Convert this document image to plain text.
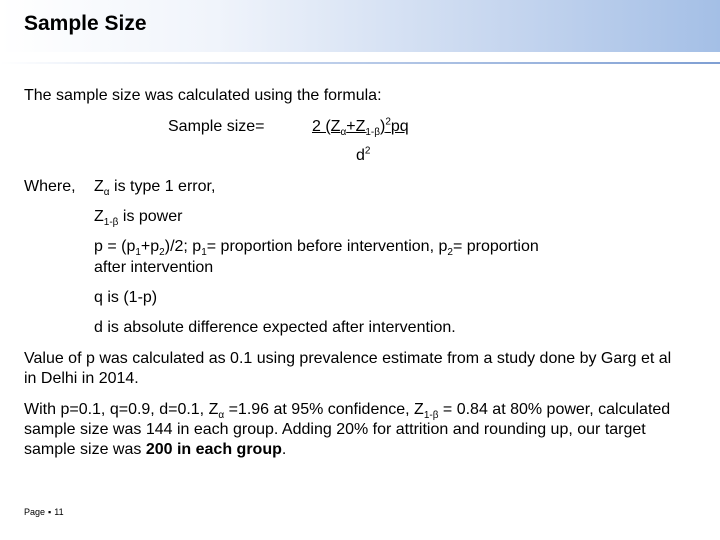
Sample Size
The sample size was calculated using the formula:
Sample size=	2 $(Z_\alpha+Z_{1-\beta})^2pq$
$d^2$
Where, $Z_\alpha$ is type 1 error,
$Z_{1-\beta}$ is power
$p = (p_1+p_2)/2$; $p_1=$ proportion before intervention, $p_2=$ proportion
after intervention
q is (1-p)
d is absolute difference expected after intervention.
Value of p was calculated as 0.1 using prevalence estimate from a study done by Garg et al in Delhi in 2014.
With p=0.1, q=0.9, d=0.1, $Z_\alpha =1.96$ at 95% confidence, $Z_{1-\beta} = 0.84$ at 80% power, calculated sample size was 144 in each group. Adding 20% for attrition and rounding up, our target sample size was 200 in each group.
Page ▪ 11
